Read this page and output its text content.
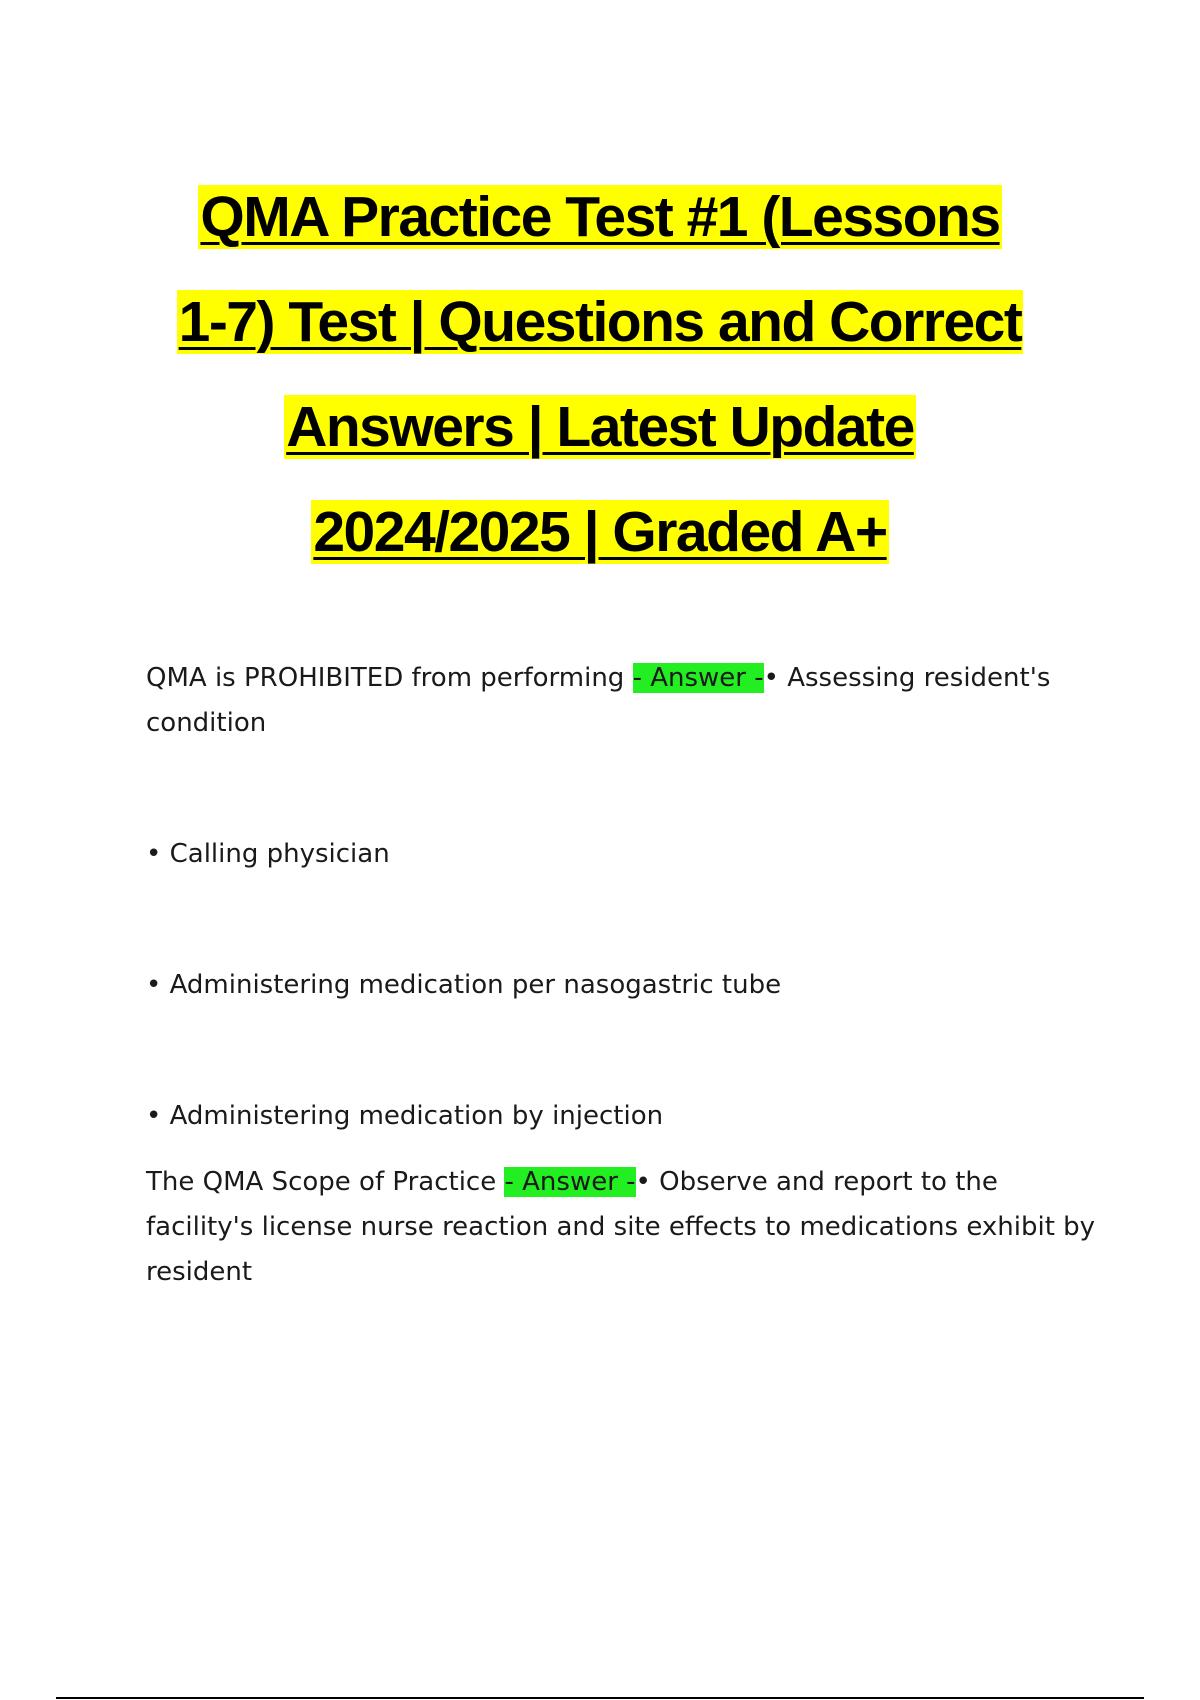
QMA Practice Test #1 (Lessons
1-7) Test | Questions and Correct
Answers | Latest Update
2024/2025 | Graded A+
QMA is PROHIBITED from performing - Answer -• Assessing resident's condition
• Calling physician
• Administering medication per nasogastric tube
• Administering medication by injection
The QMA Scope of Practice - Answer -• Observe and report to the facility's license nurse reaction and site effects to medications exhibit by resident
